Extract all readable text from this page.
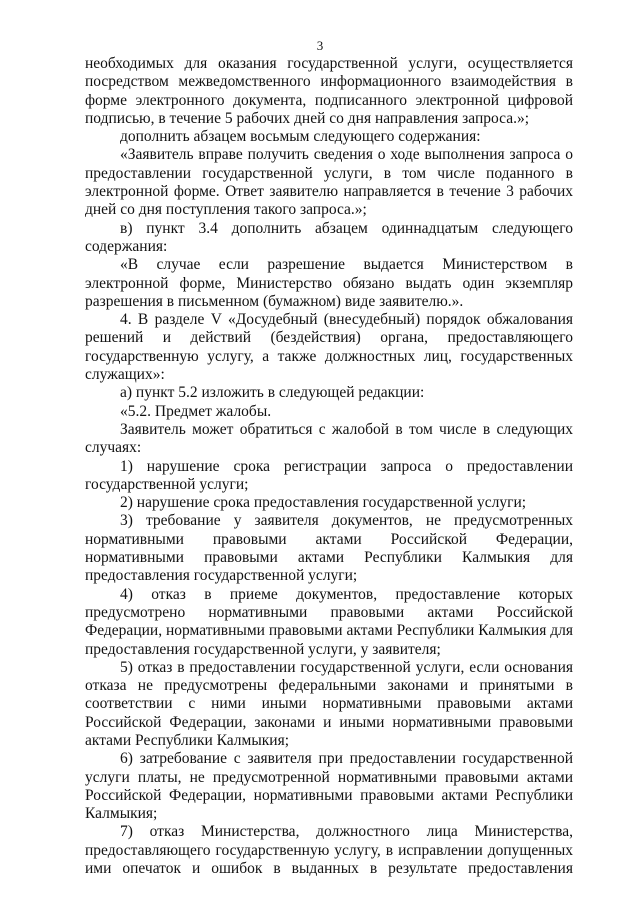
3

необходимых для оказания государственной услуги, осуществляется посредством межведомственного информационного взаимодействия в форме электронного документа, подписанного электронной цифровой подписью, в течение 5 рабочих дней со дня направления запроса.»;

дополнить абзацем восьмым следующего содержания:

«Заявитель вправе получить сведения о ходе выполнения запроса о предоставлении государственной услуги, в том числе поданного в электронной форме. Ответ заявителю направляется в течение 3 рабочих дней со дня поступления такого запроса.»;

в) пункт 3.4 дополнить абзацем одиннадцатым следующего содержания:

«В случае если разрешение выдается Министерством в электронной форме, Министерство обязано выдать один экземпляр разрешения в письменном (бумажном) виде заявителю.».

4. В разделе V «Досудебный (внесудебный) порядок обжалования решений и действий (бездействия) органа, предоставляющего государственную услугу, а также должностных лиц, государственных служащих»:

а) пункт 5.2 изложить в следующей редакции:

«5.2. Предмет жалобы.

Заявитель может обратиться с жалобой в том числе в следующих случаях:

1) нарушение срока регистрации запроса о предоставлении государственной услуги;

2) нарушение срока предоставления государственной услуги;

3) требование у заявителя документов, не предусмотренных нормативными правовыми актами Российской Федерации, нормативными правовыми актами Республики Калмыкия для предоставления государственной услуги;

4) отказ в приеме документов, предоставление которых предусмотрено нормативными правовыми актами Российской Федерации, нормативными правовыми актами Республики Калмыкия для предоставления государственной услуги, у заявителя;

5) отказ в предоставлении государственной услуги, если основания отказа не предусмотрены федеральными законами и принятыми в соответствии с ними иными нормативными правовыми актами Российской Федерации, законами и иными нормативными правовыми актами Республики Калмыкия;

6) затребование с заявителя при предоставлении государственной услуги платы, не предусмотренной нормативными правовыми актами Российской Федерации, нормативными правовыми актами Республики Калмыкия;

7) отказ Министерства, должностного лица Министерства, предоставляющего государственную услугу, в исправлении допущенных ими опечаток и ошибок в выданных в результате предоставления
